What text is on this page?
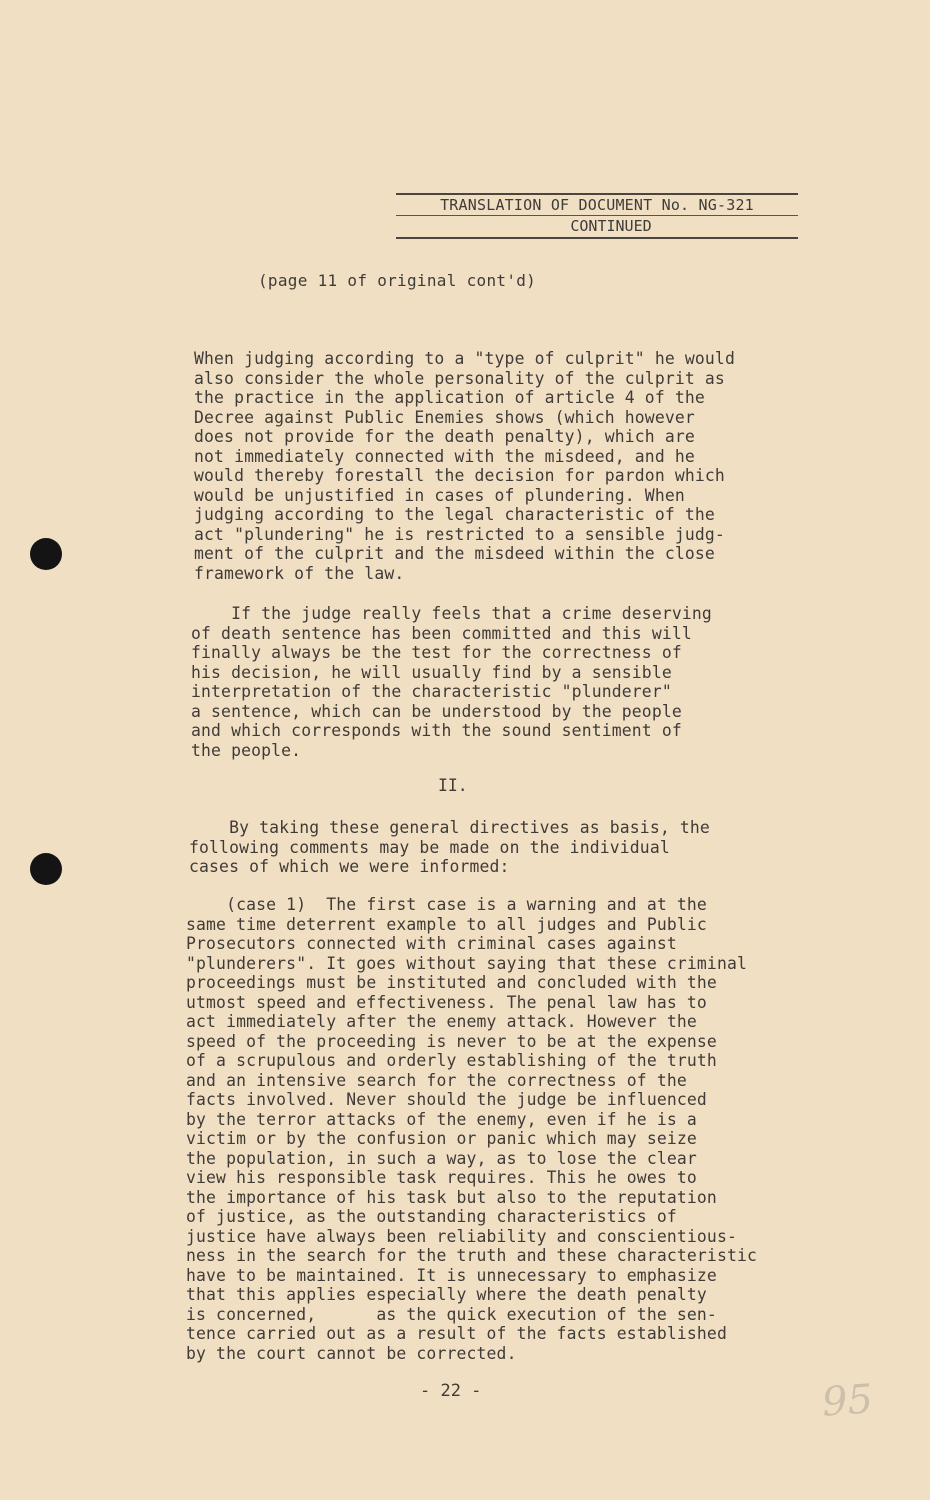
TRANSLATION OF DOCUMENT No. NG-321
CONTINUED
(page 11 of original cont'd)
When judging according to a "type of culprit" he would
also consider the whole personality of the culprit as
the practice in the application of article 4 of the
Decree against Public Enemies shows (which however
does not provide for the death penalty), which are
not immediately connected with the misdeed, and he
would thereby forestall the decision for pardon which
would be unjustified in cases of plundering. When
judging according to the legal characteristic of the
act "plundering" he is restricted to a sensible judg-
ment of the culprit and the misdeed within the close
framework of the law.
If the judge really feels that a crime deserving
of death sentence has been committed and this will
finally always be the test for the correctness of
his decision, he will usually find by a sensible
interpretation of the characteristic "plunderer"
a sentence, which can be understood by the people
and which corresponds with the sound sentiment of
the people.
II.
By taking these general directives as basis, the
following comments may be made on the individual
cases of which we were informed:
(case 1)  The first case is a warning and at the
same time deterrent example to all judges and Public
Prosecutors connected with criminal cases against
"plunderers". It goes without saying that these criminal
proceedings must be instituted and concluded with the
utmost speed and effectiveness. The penal law has to
act immediately after the enemy attack. However the
speed of the proceeding is never to be at the expense
of a scrupulous and orderly establishing of the truth
and an intensive search for the correctness of the
facts involved. Never should the judge be influenced
by the terror attacks of the enemy, even if he is a
victim or by the confusion or panic which may seize
the population, in such a way, as to lose the clear
view his responsible task requires. This he owes to
the importance of his task but also to the reputation
of justice, as the outstanding characteristics of
justice have always been reliability and conscientious-
ness in the search for the truth and these characteristic
have to be maintained. It is unnecessary to emphasize
that this applies especially where the death penalty
is concerned,      as the quick execution of the sen-
tence carried out as a result of the facts established
by the court cannot be corrected.
- 22 -	95
